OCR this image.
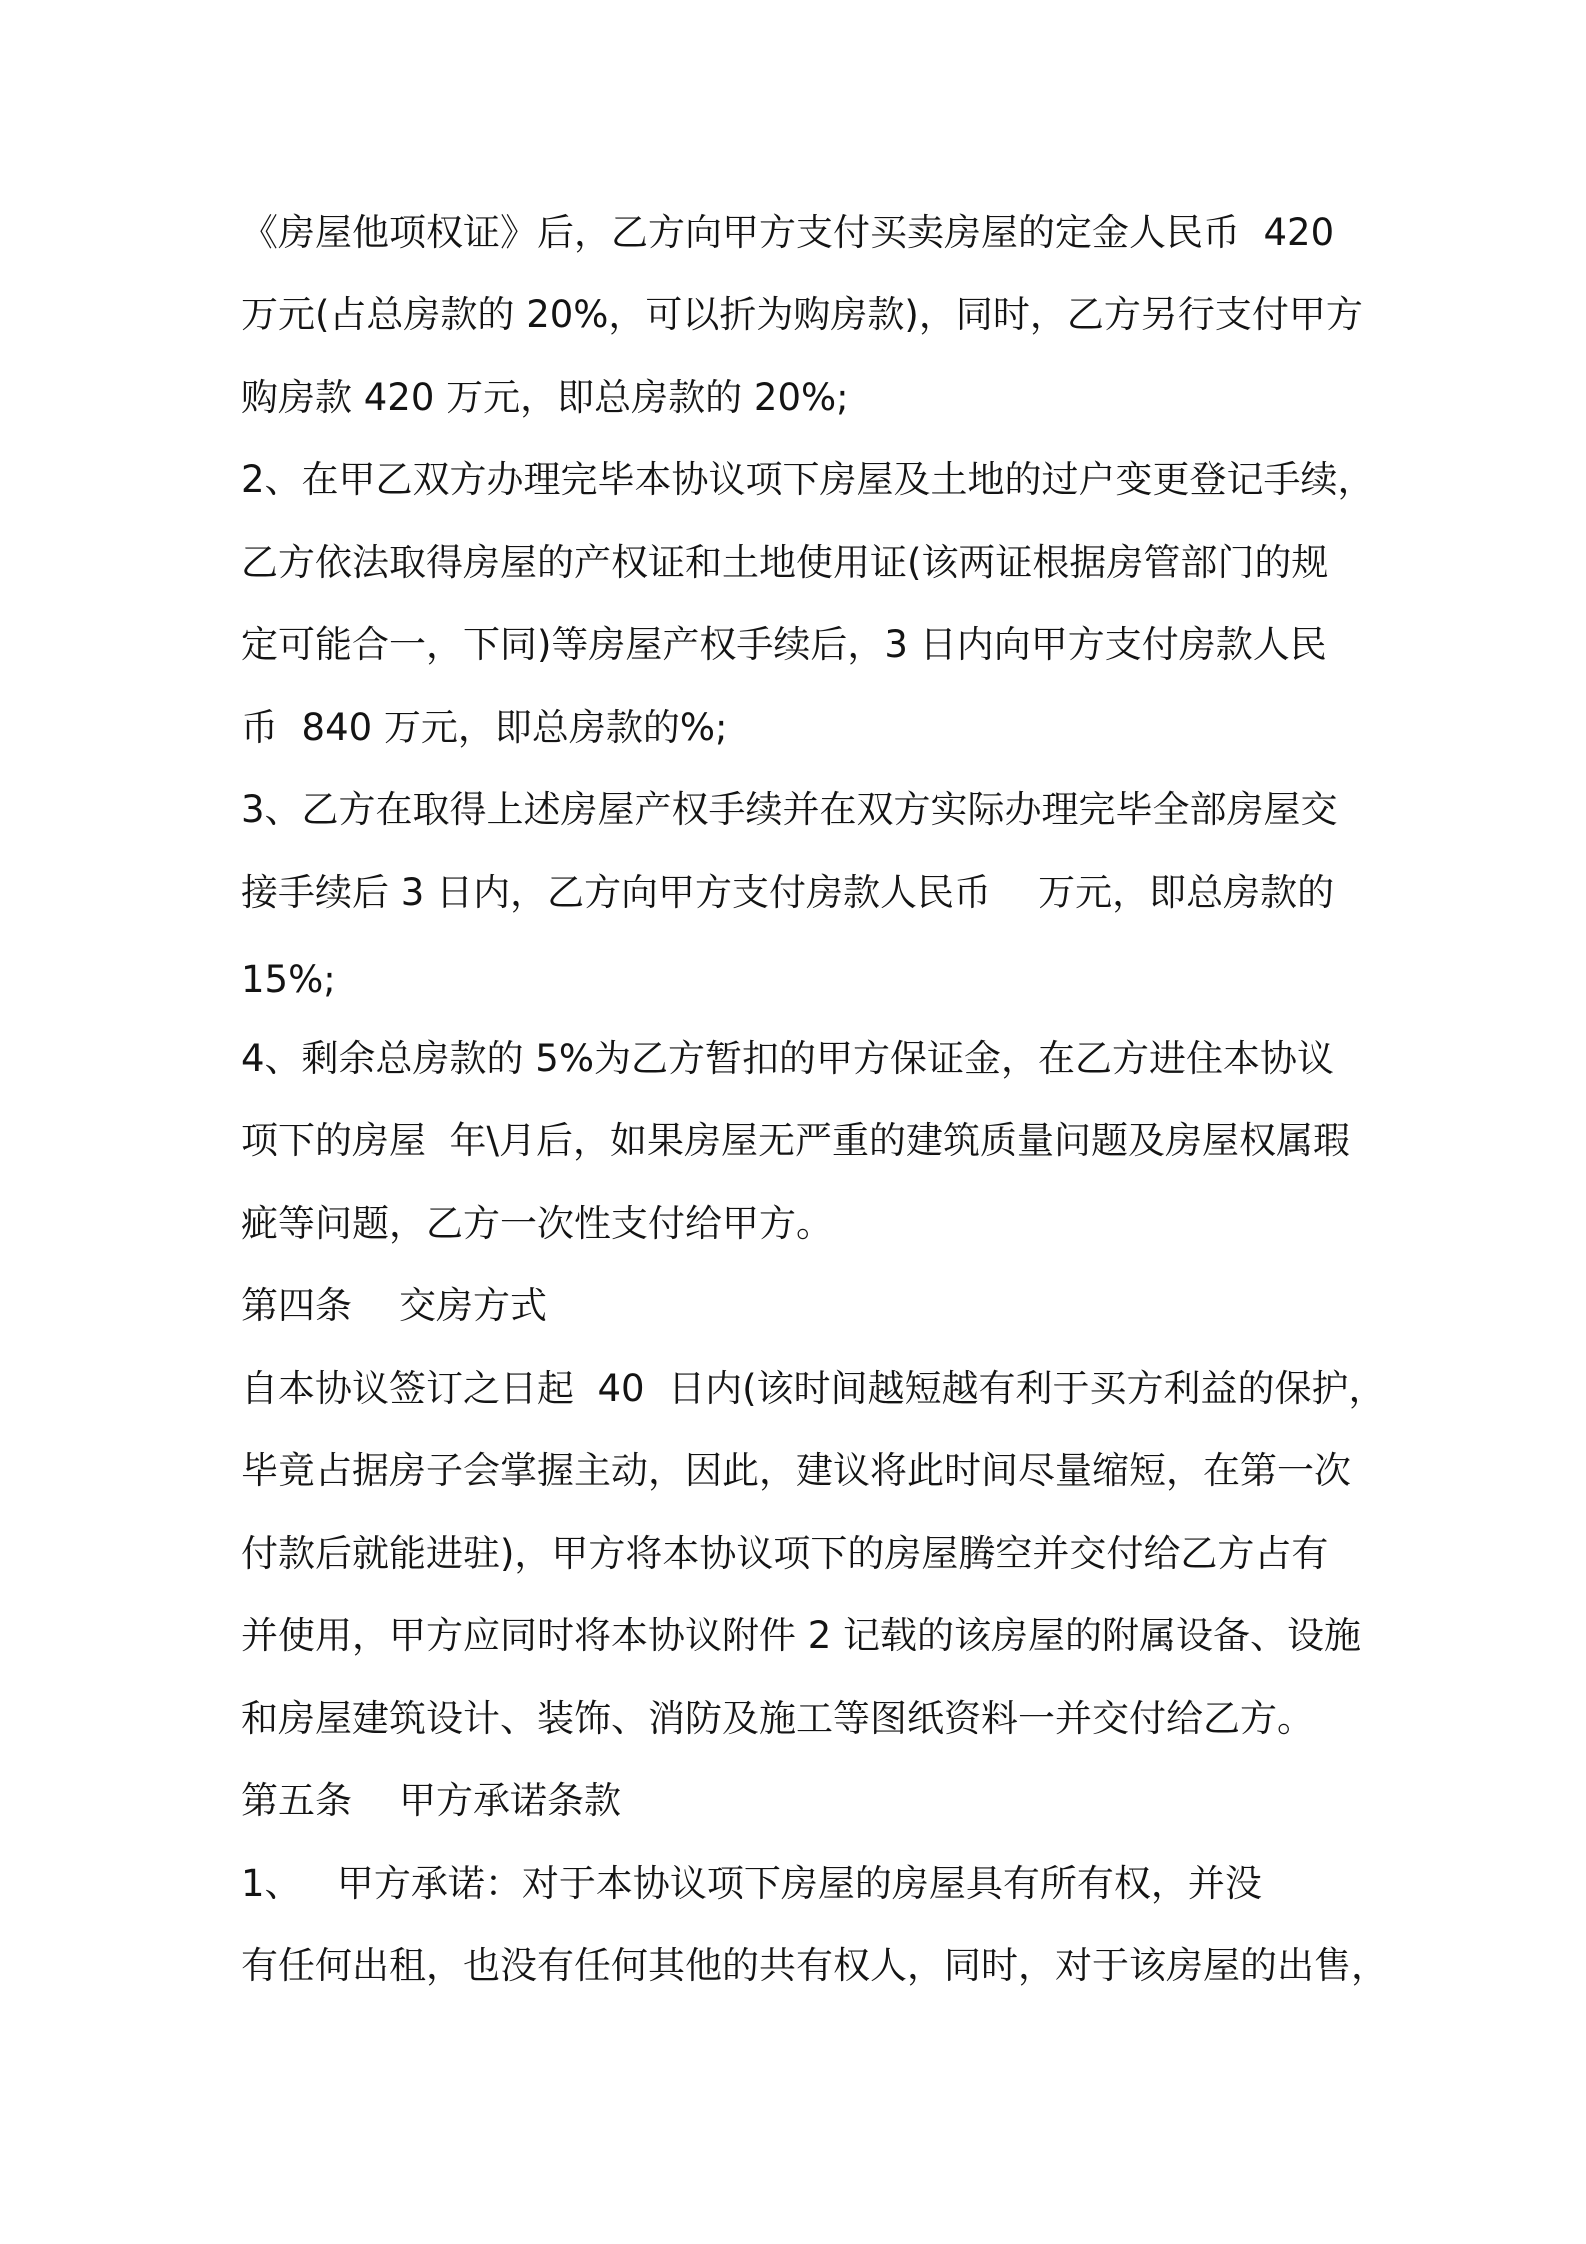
《房屋他项权证》后，乙方向甲方支付买卖房屋的定金人民币  420
万元(占总房款的 20%，可以折为购房款)，同时，乙方另行支付甲方
购房款 420 万元，即总房款的 20%;
2、在甲乙双方办理完毕本协议项下房屋及土地的过户变更登记手续，
乙方依法取得房屋的产权证和土地使用证(该两证根据房管部门的规
定可能合一，下同)等房屋产权手续后，3 日内向甲方支付房款人民
币  840 万元，即总房款的%;
3、乙方在取得上述房屋产权手续并在双方实际办理完毕全部房屋交
接手续后 3 日内，乙方向甲方支付房款人民币    万元，即总房款的
15%;
4、剩余总房款的 5%为乙方暂扣的甲方保证金，在乙方进住本协议
项下的房屋  年\月后，如果房屋无严重的建筑质量问题及房屋权属瑕
疵等问题，乙方一次性支付给甲方。
第四条    交房方式
自本协议签订之日起  40  日内(该时间越短越有利于买方利益的保护，
毕竟占据房子会掌握主动，因此，建议将此时间尽量缩短，在第一次
付款后就能进驻)，甲方将本协议项下的房屋腾空并交付给乙方占有
并使用，甲方应同时将本协议附件 2 记载的该房屋的附属设备、设施
和房屋建筑设计、装饰、消防及施工等图纸资料一并交付给乙方。
第五条    甲方承诺条款
1、   甲方承诺：对于本协议项下房屋的房屋具有所有权，并没
有任何出租，也没有任何其他的共有权人，同时，对于该房屋的出售，
